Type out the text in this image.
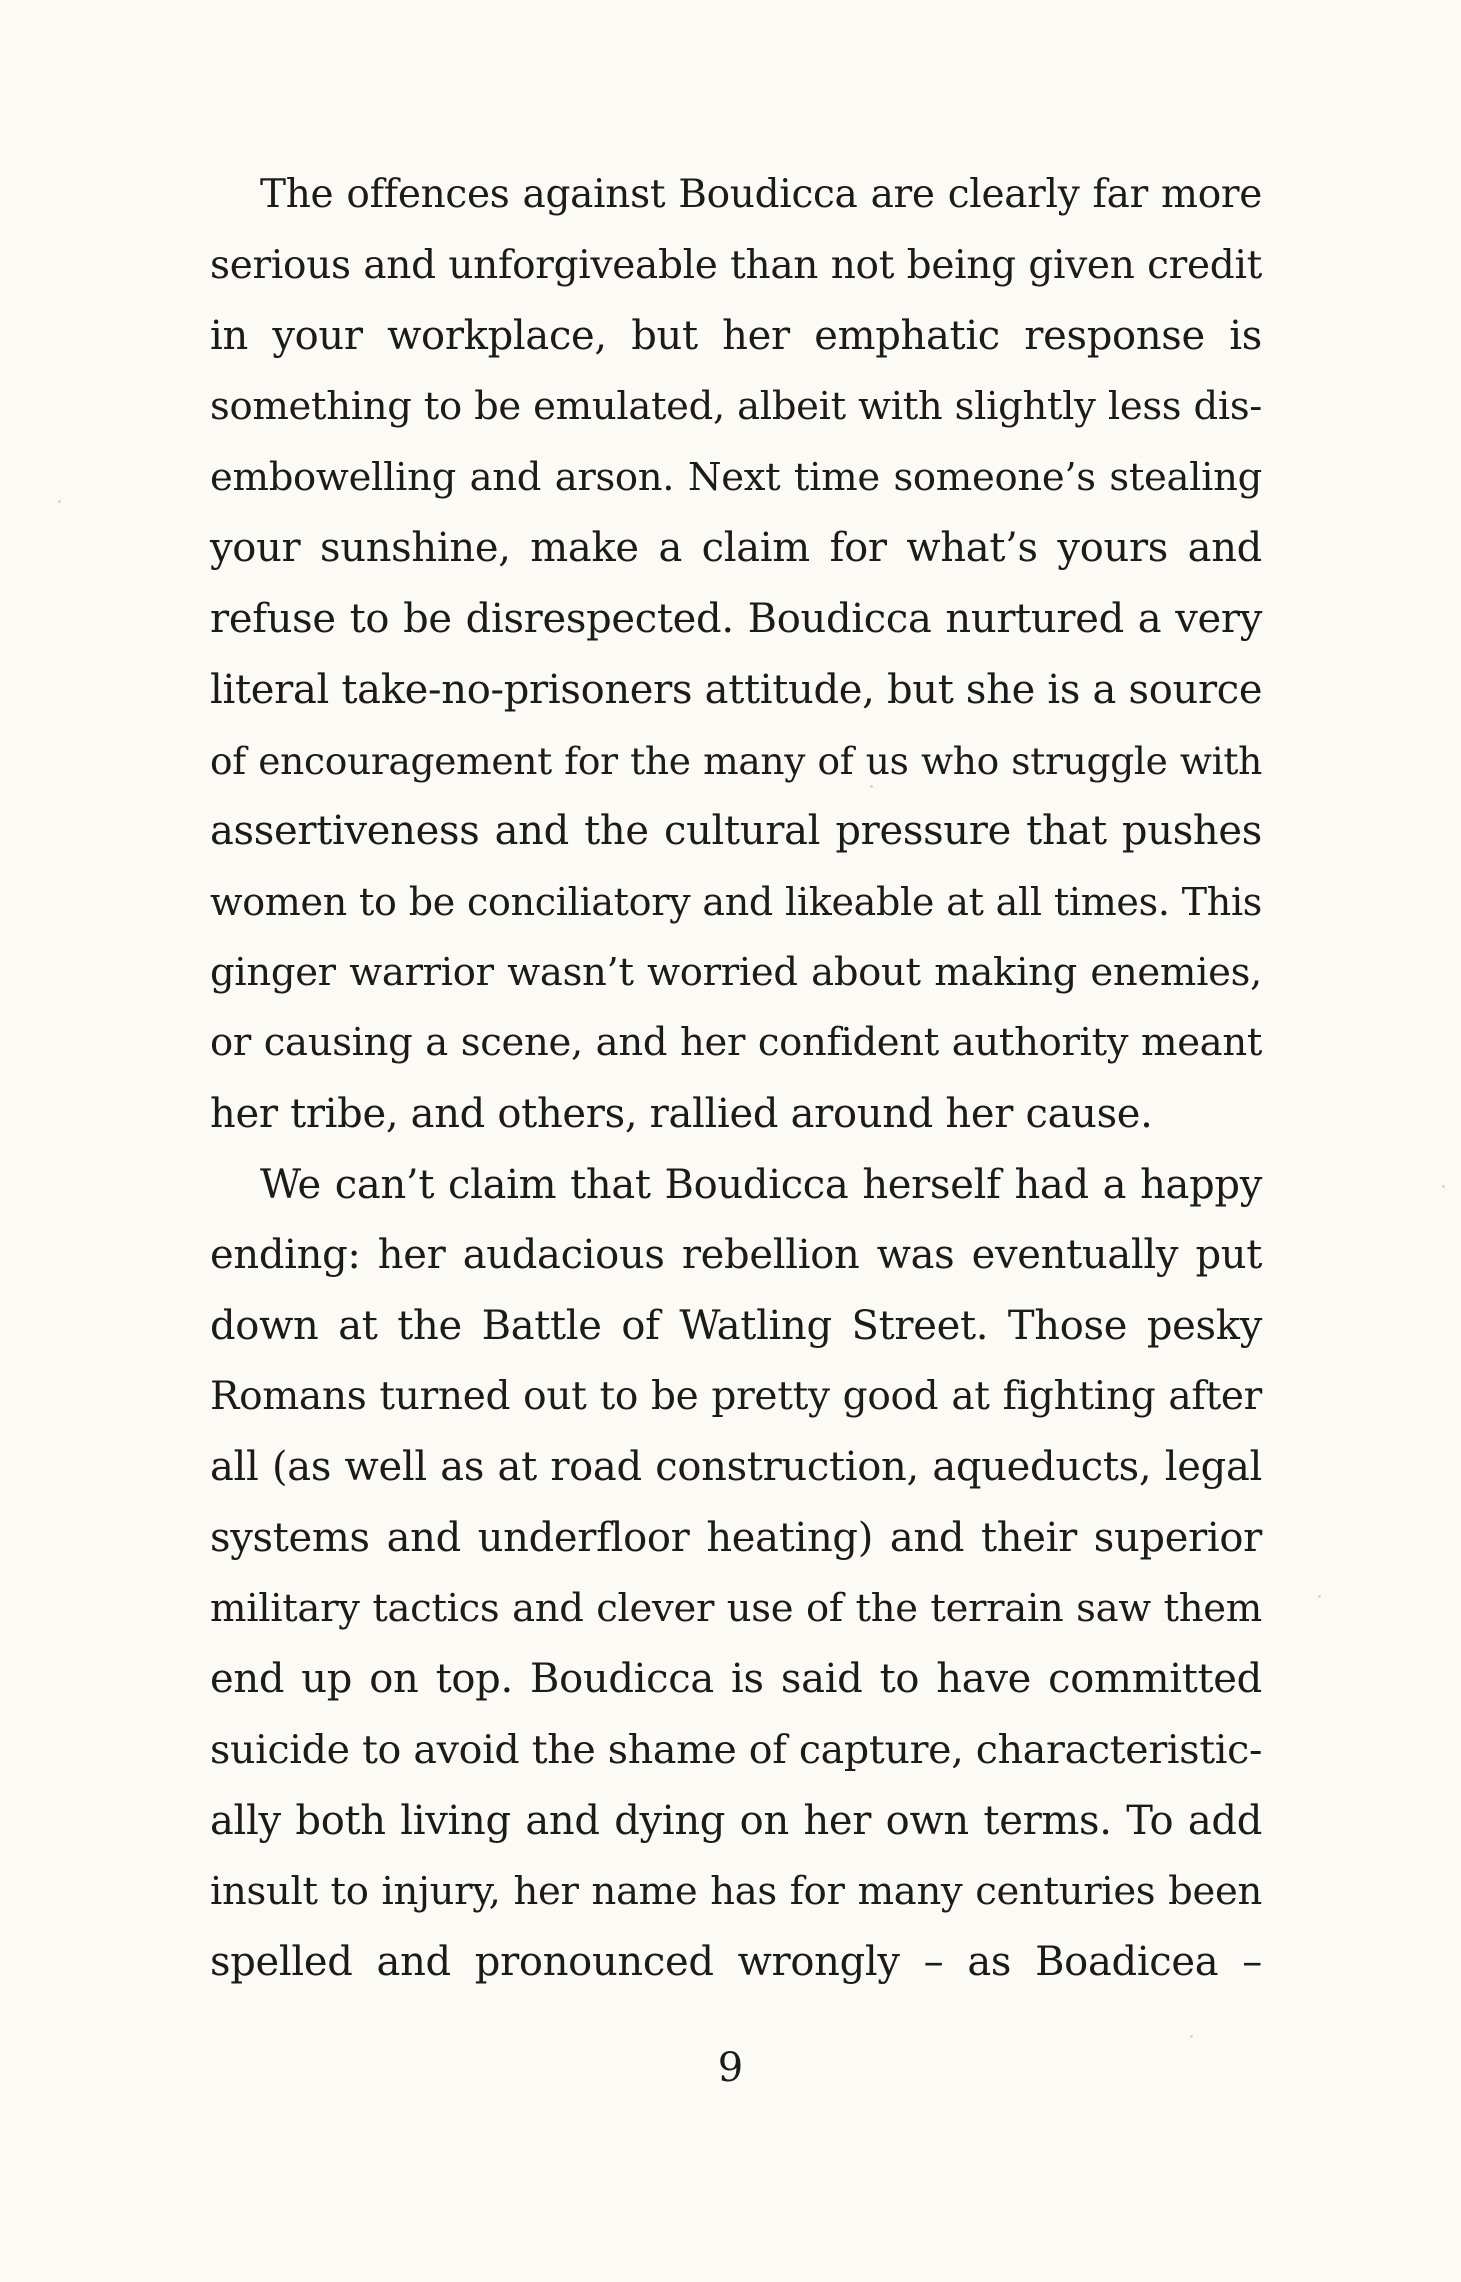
The offences against Boudicca are clearly far more
serious and unforgiveable than not being given credit
in your workplace, but her emphatic response is
something to be emulated, albeit with slightly less dis-
embowelling and arson. Next time someone’s stealing
your sunshine, make a claim for what’s yours and
refuse to be disrespected. Boudicca nurtured a very
literal take-no-prisoners attitude, but she is a source
of encouragement for the many of us who struggle with
assertiveness and the cultural pressure that pushes
women to be conciliatory and likeable at all times. This
ginger warrior wasn’t worried about making enemies,
or causing a scene, and her confident authority meant
her tribe, and others, rallied around her cause.
We can’t claim that Boudicca herself had a happy
ending: her audacious rebellion was eventually put
down at the Battle of Watling Street. Those pesky
Romans turned out to be pretty good at fighting after
all (as well as at road construction, aqueducts, legal
systems and underfloor heating) and their superior
military tactics and clever use of the terrain saw them
end up on top. Boudicca is said to have committed
suicide to avoid the shame of capture, characteristic-
ally both living and dying on her own terms. To add
insult to injury, her name has for many centuries been
spelled and pronounced wrongly – as Boadicea –
9
